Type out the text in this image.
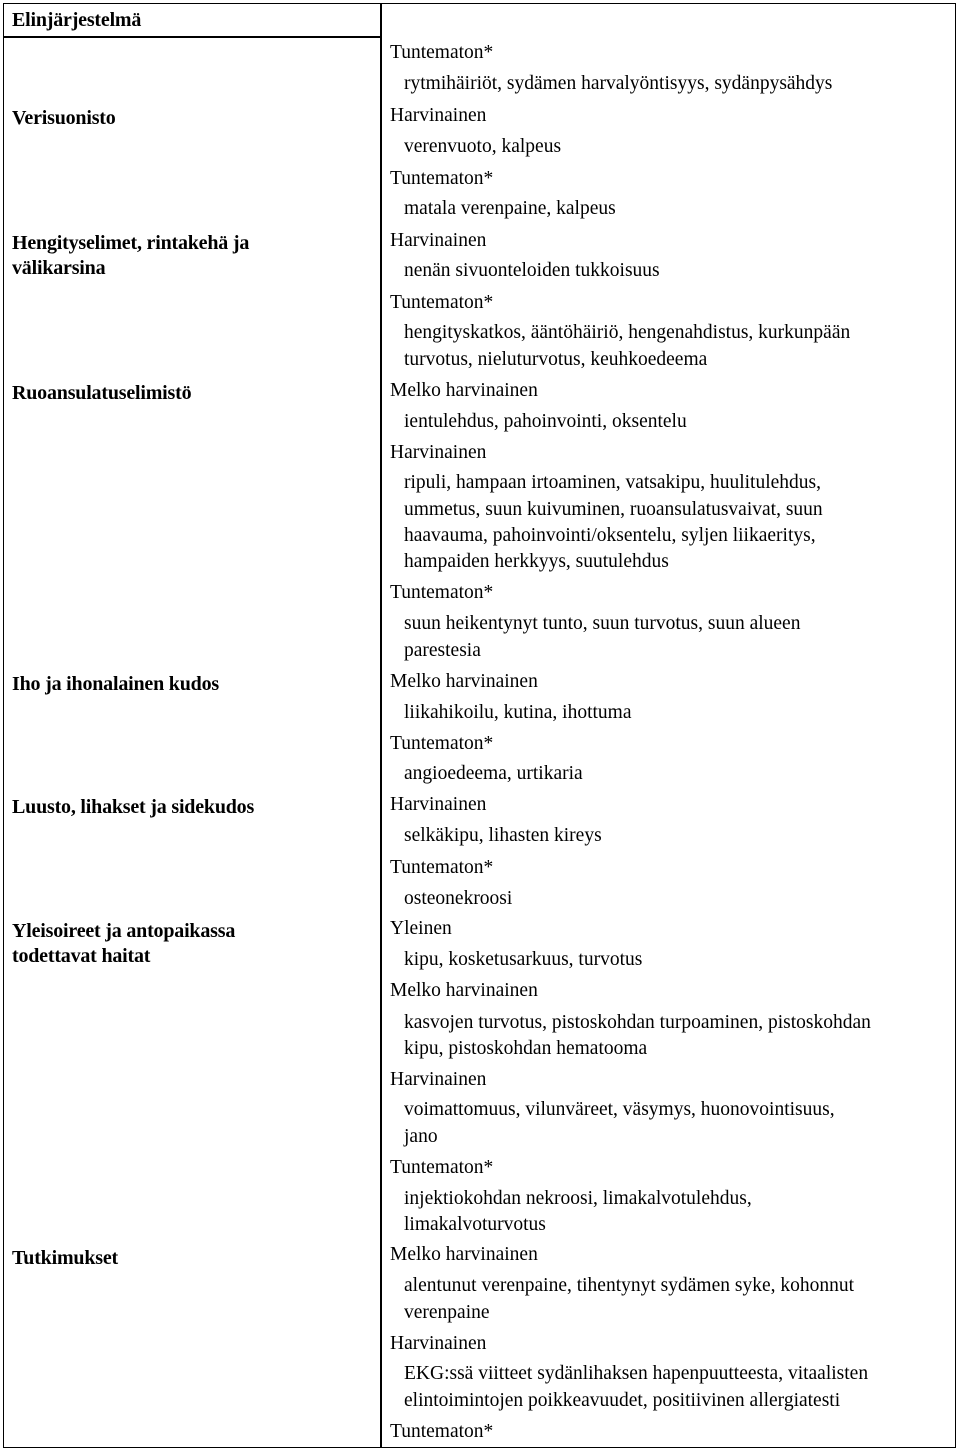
Elinjärjestelmä
Verisuonisto
Hengityselimet, rintakehä ja
välikarsina
Ruoansulatuselimistö
Iho ja ihonalainen kudos
Luusto, lihakset ja sidekudos
Yleisoireet ja antopaikassa
todettavat haitat
Tutkimukset
Tuntematon*
rytmihäiriöt, sydämen harvalyöntisyys, sydänpysähdys
Harvinainen
verenvuoto, kalpeus
Tuntematon*
matala verenpaine, kalpeus
Harvinainen
nenän sivuonteloiden tukkoisuus
Tuntematon*
hengityskatkos, ääntöhäiriö, hengenahdistus, kurkunpään
turvotus, nieluturvotus, keuhkoedeema
Melko harvinainen
ientulehdus, pahoinvointi, oksentelu
Harvinainen
ripuli, hampaan irtoaminen, vatsakipu, huulitulehdus,
ummetus, suun kuivuminen, ruoansulatusvaivat, suun
haavauma, pahoinvointi/oksentelu, syljen liikaeritys,
hampaiden herkkyys, suutulehdus
Tuntematon*
suun heikentynyt tunto, suun turvotus, suun alueen
parestesia
Melko harvinainen
liikahikoilu, kutina, ihottuma
Tuntematon*
angioedeema, urtikaria
Harvinainen
selkäkipu, lihasten kireys
Tuntematon*
osteonekroosi
Yleinen
kipu, kosketusarkuus, turvotus
Melko harvinainen
kasvojen turvotus, pistoskohdan turpoaminen, pistoskohdan
kipu, pistoskohdan hematooma
Harvinainen
voimattomuus, vilunväreet, väsymys, huonovointisuus,
jano
Tuntematon*
injektiokohdan nekroosi, limakalvotulehdus,
limakalvoturvotus
Melko harvinainen
alentunut verenpaine, tihentynyt sydämen syke, kohonnut
verenpaine
Harvinainen
EKG:ssä viitteet sydänlihaksen hapenpuutteesta, vitaalisten
elintoimintojen poikkeavuudet, positiivinen allergiatesti
Tuntematon*
